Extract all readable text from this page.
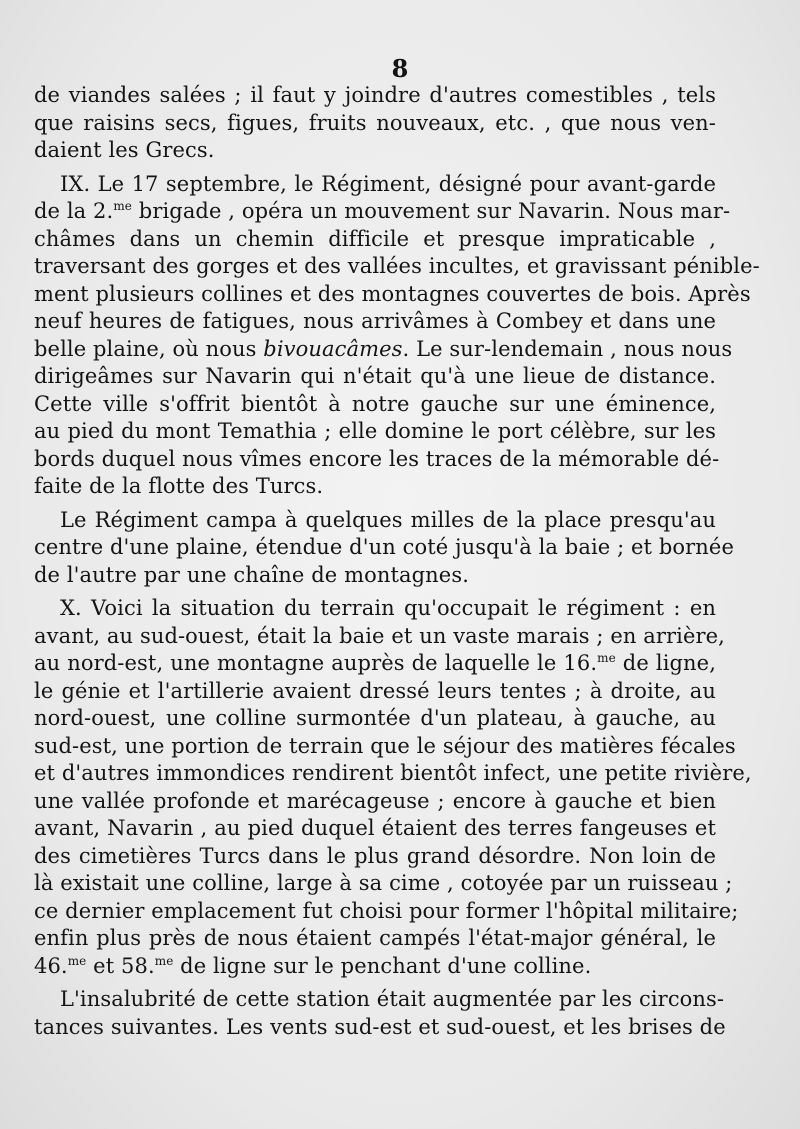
8
de viandes salées ; il faut y joindre d'autres comestibles , tels
que raisins secs, figues, fruits nouveaux, etc. , que nous ven-
daient les Grecs.
IX. Le 17 septembre, le Régiment, désigné pour avant-garde
de la 2.$^{me}$ brigade , opéra un mouvement sur Navarin. Nous mar-
châmes dans un chemin difficile et presque impraticable ,
traversant des gorges et des vallées incultes, et gravissant pénible-
ment plusieurs collines et des montagnes couvertes de bois. Après
neuf heures de fatigues, nous arrivâmes à Combey et dans une
belle plaine, où nous bivouacâmes. Le sur-lendemain , nous nous
dirigeâmes sur Navarin qui n'était qu'à une lieue de distance.
Cette ville s'offrit bientôt à notre gauche sur une éminence,
au pied du mont Temathia ; elle domine le port célèbre, sur les
bords duquel nous vîmes encore les traces de la mémorable dé-
faite de la flotte des Turcs.
Le Régiment campa à quelques milles de la place presqu'au
centre d'une plaine, étendue d'un coté jusqu'à la baie ; et bornée
de l'autre par une chaîne de montagnes.
X. Voici la situation du terrain qu'occupait le régiment : en
avant, au sud-ouest, était la baie et un vaste marais ; en arrière,
au nord-est, une montagne auprès de laquelle le 16.$^{me}$ de ligne,
le génie et l'artillerie avaient dressé leurs tentes ; à droite, au
nord-ouest, une colline surmontée d'un plateau, à gauche, au
sud-est, une portion de terrain que le séjour des matières fécales
et d'autres immondices rendirent bientôt infect, une petite rivière,
une vallée profonde et marécageuse ; encore à gauche et bien
avant, Navarin , au pied duquel étaient des terres fangeuses et
des cimetières Turcs dans le plus grand désordre. Non loin de
là existait une colline, large à sa cime , cotoyée par un ruisseau ;
ce dernier emplacement fut choisi pour former l'hôpital militaire;
enfin plus près de nous étaient campés l'état-major général, le
46.$^{me}$ et 58.$^{me}$ de ligne sur le penchant d'une colline.
L'insalubrité de cette station était augmentée par les circons-
tances suivantes. Les vents sud-est et sud-ouest, et les brises de
